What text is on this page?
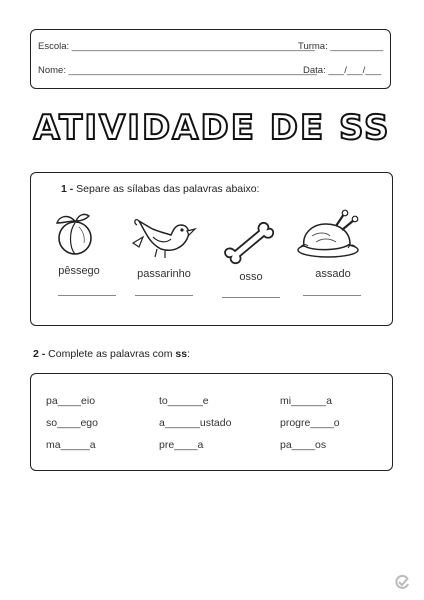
Escola: ______________________________________________
Turma: __________
Nome: _______________________________________________
Data: ___/___/___
ATIVIDADE DE SS
1 - Separe as sílabas das palavras abaixo:
pêssego	passarinho	osso	assado
2 - Complete as palavras com ss:
pa____eio	to______e	mi______a
so____ego	a______ustado	progre____o
ma_____a	pre____a	pa____os
